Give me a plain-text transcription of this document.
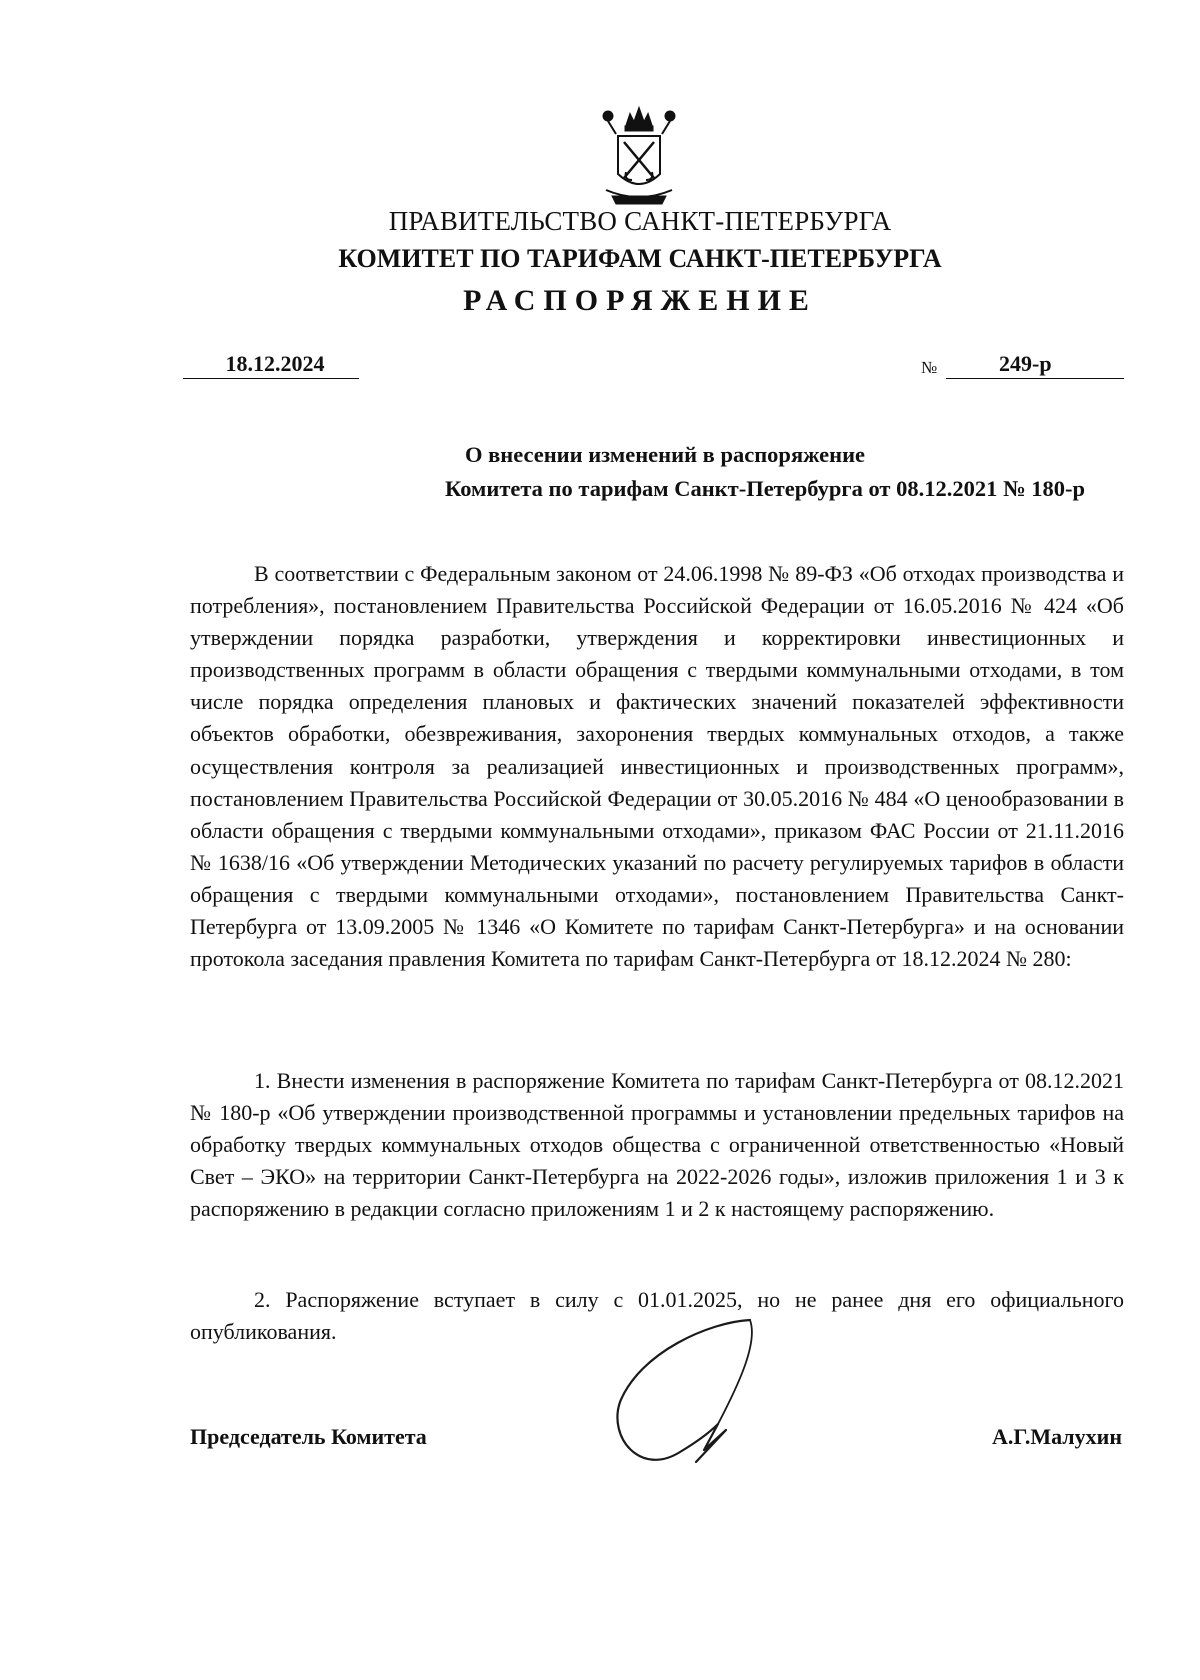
ПРАВИТЕЛЬСТВО САНКТ-ПЕТЕРБУРГА
КОМИТЕТ ПО ТАРИФАМ САНКТ-ПЕТЕРБУРГА
РАСПОРЯЖЕНИЕ
18.12.2024	№	249-р
О внесении изменений в распоряжение
Комитета по тарифам Санкт-Петербурга от 08.12.2021 № 180-р

В соответствии с Федеральным законом от 24.06.1998 № 89-ФЗ «Об отходах производства и потребления», постановлением Правительства Российской Федерации от 16.05.2016 № 424 «Об утверждении порядка разработки, утверждения и корректировки инвестиционных и производственных программ в области обращения с твердыми коммунальными отходами, в том числе порядка определения плановых и фактических значений показателей эффективности объектов обработки, обезвреживания, захоронения твердых коммунальных отходов, а также осуществления контроля за реализацией инвестиционных и производственных программ», постановлением Правительства Российской Федерации от 30.05.2016 № 484 «О ценообразовании в области обращения с твердыми коммунальными отходами», приказом ФАС России от 21.11.2016 № 1638/16 «Об утверждении Методических указаний по расчету регулируемых тарифов в области обращения с твердыми коммунальными отходами», постановлением Правительства Санкт-Петербурга от 13.09.2005 № 1346 «О Комитете по тарифам Санкт-Петербурга» и на основании протокола заседания правления Комитета по тарифам Санкт-Петербурга от 18.12.2024 № 280:

1. Внести изменения в распоряжение Комитета по тарифам Санкт-Петербурга от 08.12.2021 № 180-р «Об утверждении производственной программы и установлении предельных тарифов на обработку твердых коммунальных отходов общества с ограниченной ответственностью «Новый Свет – ЭКО» на территории Санкт-Петербурга на 2022-2026 годы», изложив приложения 1 и 3 к распоряжению в редакции согласно приложениям 1 и 2 к настоящему распоряжению.

2. Распоряжение вступает в силу с 01.01.2025, но не ранее дня его официального опубликования.

Председатель Комитета	А.Г.Малухин
